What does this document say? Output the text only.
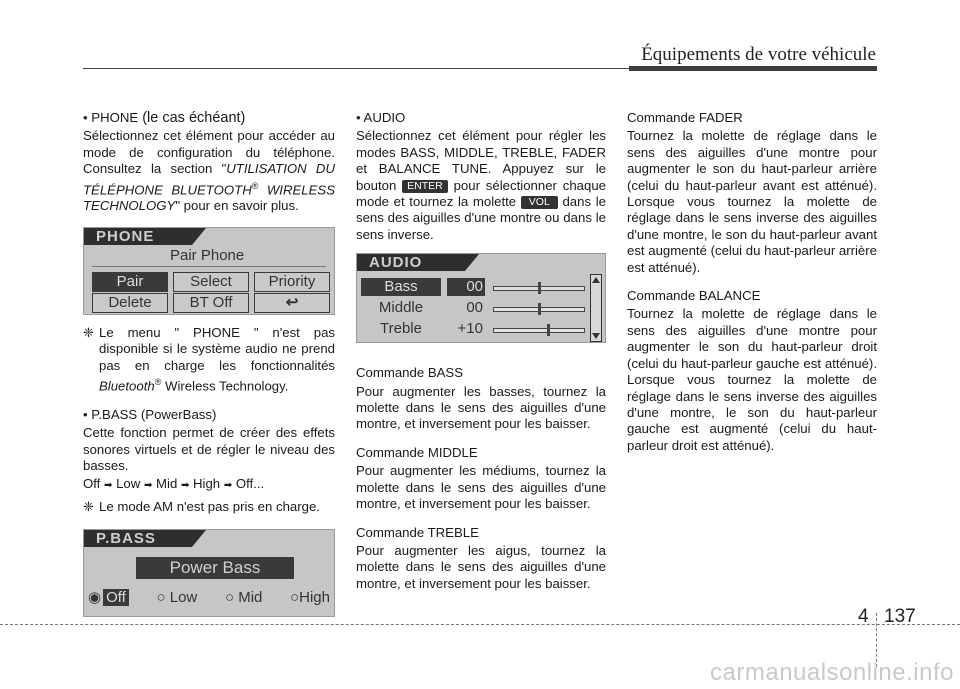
Équipements de votre véhicule

• PHONE (le cas échéant)

Sélectionnez cet élément pour accéder au mode de configuration du téléphone. Consultez la section "UTILISATION DU TÉLÉPHONE BLUETOOTH® WIRELESS TECHNOLOGY" pour en savoir plus.

PHONE
Pair Phone
Pair	Select	Priority
Delete	BT Off	↩
❈ Le menu " PHONE " n'est pas disponible si le système audio ne prend pas en charge les fonctionnalités Bluetooth® Wireless Technology.

• P.BASS (PowerBass)

Cette fonction permet de créer des effets sonores virtuels et de régler le niveau des basses.

Off ➡ Low ➡ Mid ➡ High ➡ Off...

❈ Le mode AM n'est pas pris en charge.

P.BASS
Power Bass
◉ Off ○ Low ○ Mid ○High

• AUDIO

Sélectionnez cet élément pour régler les modes BASS, MIDDLE, TREBLE, FADER et BALANCE TUNE. Appuyez sur le bouton ENTER pour sélectionner chaque mode et tournez la molette VOL dans le sens des aiguilles d'une montre ou dans le sens inverse.

AUDIO
Bass	00
Middle	00
Treble	+10

Commande BASS

Pour augmenter les basses, tournez la molette dans le sens des aiguilles d'une montre, et inversement pour les baisser.

Commande MIDDLE

Pour augmenter les médiums, tournez la molette dans le sens des aiguilles d'une montre, et inversement pour les baisser.

Commande TREBLE

Pour augmenter les aigus, tournez la molette dans le sens des aiguilles d'une montre, et inversement pour les baisser.

Commande FADER

Tournez la molette de réglage dans le sens des aiguilles d'une montre pour augmenter le son du haut-parleur arrière (celui du haut-parleur avant est atténué). Lorsque vous tournez la molette de réglage dans le sens inverse des aiguilles d'une montre, le son du haut-parleur avant est augmenté (celui du haut-parleur arrière est atténué).

Commande BALANCE

Tournez la molette de réglage dans le sens des aiguilles d'une montre pour augmenter le son du haut-parleur droit (celui du haut-parleur gauche est atténué). Lorsque vous tournez la molette de réglage dans le sens inverse des aiguilles d'une montre, le son du haut-parleur gauche est augmenté (celui du haut-parleur droit est atténué).

4 137
carmanualsonline.info
